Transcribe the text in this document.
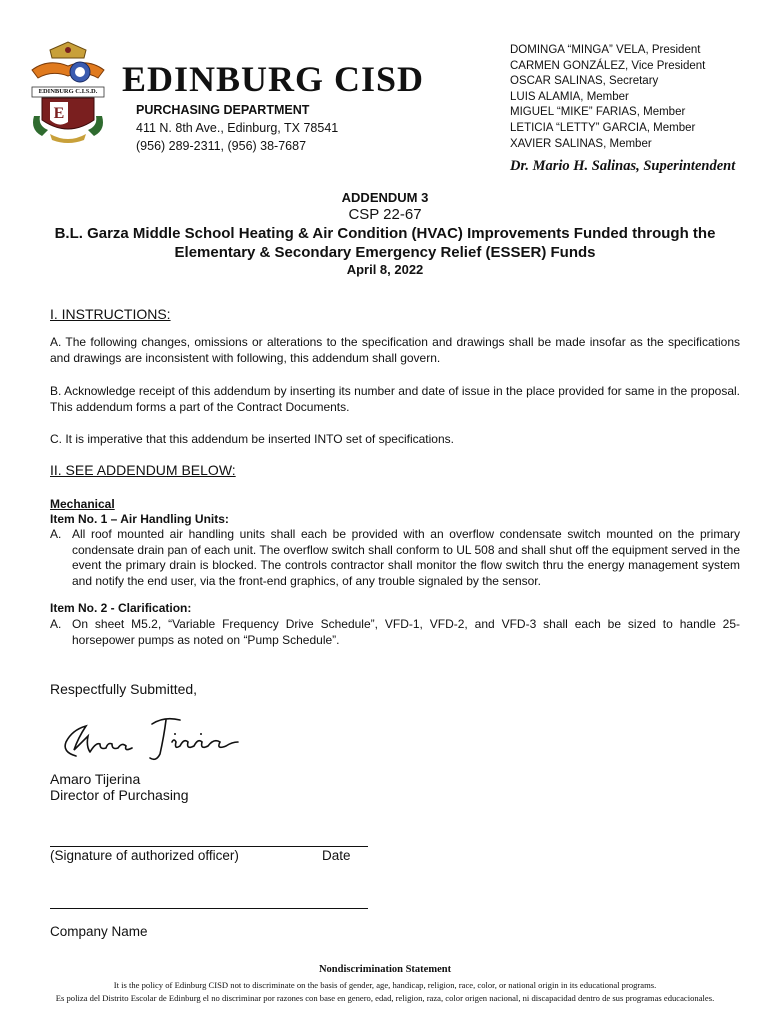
E
EDINBURG C.I.S.D. EDINBURG CISD
PURCHASING DEPARTMENT
411 N. 8th Ave., Edinburg, TX 78541
(956) 289-2311, (956) 38-7687
DOMINGA “MINGA” VELA, President
CARMEN GONZÁLEZ, Vice President
OSCAR SALINAS, Secretary
LUIS ALAMIA, Member
MIGUEL “MIKE” FARIAS, Member
LETICIA “LETTY” GARCIA, Member
XAVIER SALINAS, Member
Dr. Mario H. Salinas, Superintendent
ADDENDUM 3
CSP 22-67
B.L. Garza Middle School Heating & Air Condition (HVAC) Improvements Funded through the
Elementary & Secondary Emergency Relief (ESSER) Funds
April 8, 2022
I. INSTRUCTIONS:
A. The following changes, omissions or alterations to the specification and drawings shall be made insofar as the specifications and drawings are inconsistent with following, this addendum shall govern.
B. Acknowledge receipt of this addendum by inserting its number and date of issue in the place provided for same in the proposal. This addendum forms a part of the Contract Documents.
C. It is imperative that this addendum be inserted INTO set of specifications.
II. SEE ADDENDUM BELOW:
Mechanical
Item No. 1 – Air Handling Units:
A. All roof mounted air handling units shall each be provided with an overflow condensate switch mounted on the primary condensate drain pan of each unit. The overflow switch shall conform to UL 508 and shall shut off the equipment served in the event the primary drain is blocked. The controls contractor shall monitor the flow switch thru the energy management system and notify the end user, via the front-end graphics, of any trouble signaled by the sensor.
Item No. 2 - Clarification:
A. On sheet M5.2, “Variable Frequency Drive Schedule”, VFD-1, VFD-2, and VFD-3 shall each be sized to handle 25-horsepower pumps as noted on “Pump Schedule”.
Respectfully Submitted,
Amaro Tijerina
Director of Purchasing
(Signature of authorized officer)	Date
Company Name
Nondiscrimination Statement
It is the policy of Edinburg CISD not to discriminate on the basis of gender, age, handicap, religion, race, color, or national origin in its educational programs.
Es poliza del Distrito Escolar de Edinburg el no discriminar por razones con base en genero, edad, religion, raza, color origen nacional, ni discapacidad dentro de sus programas educacionales.
